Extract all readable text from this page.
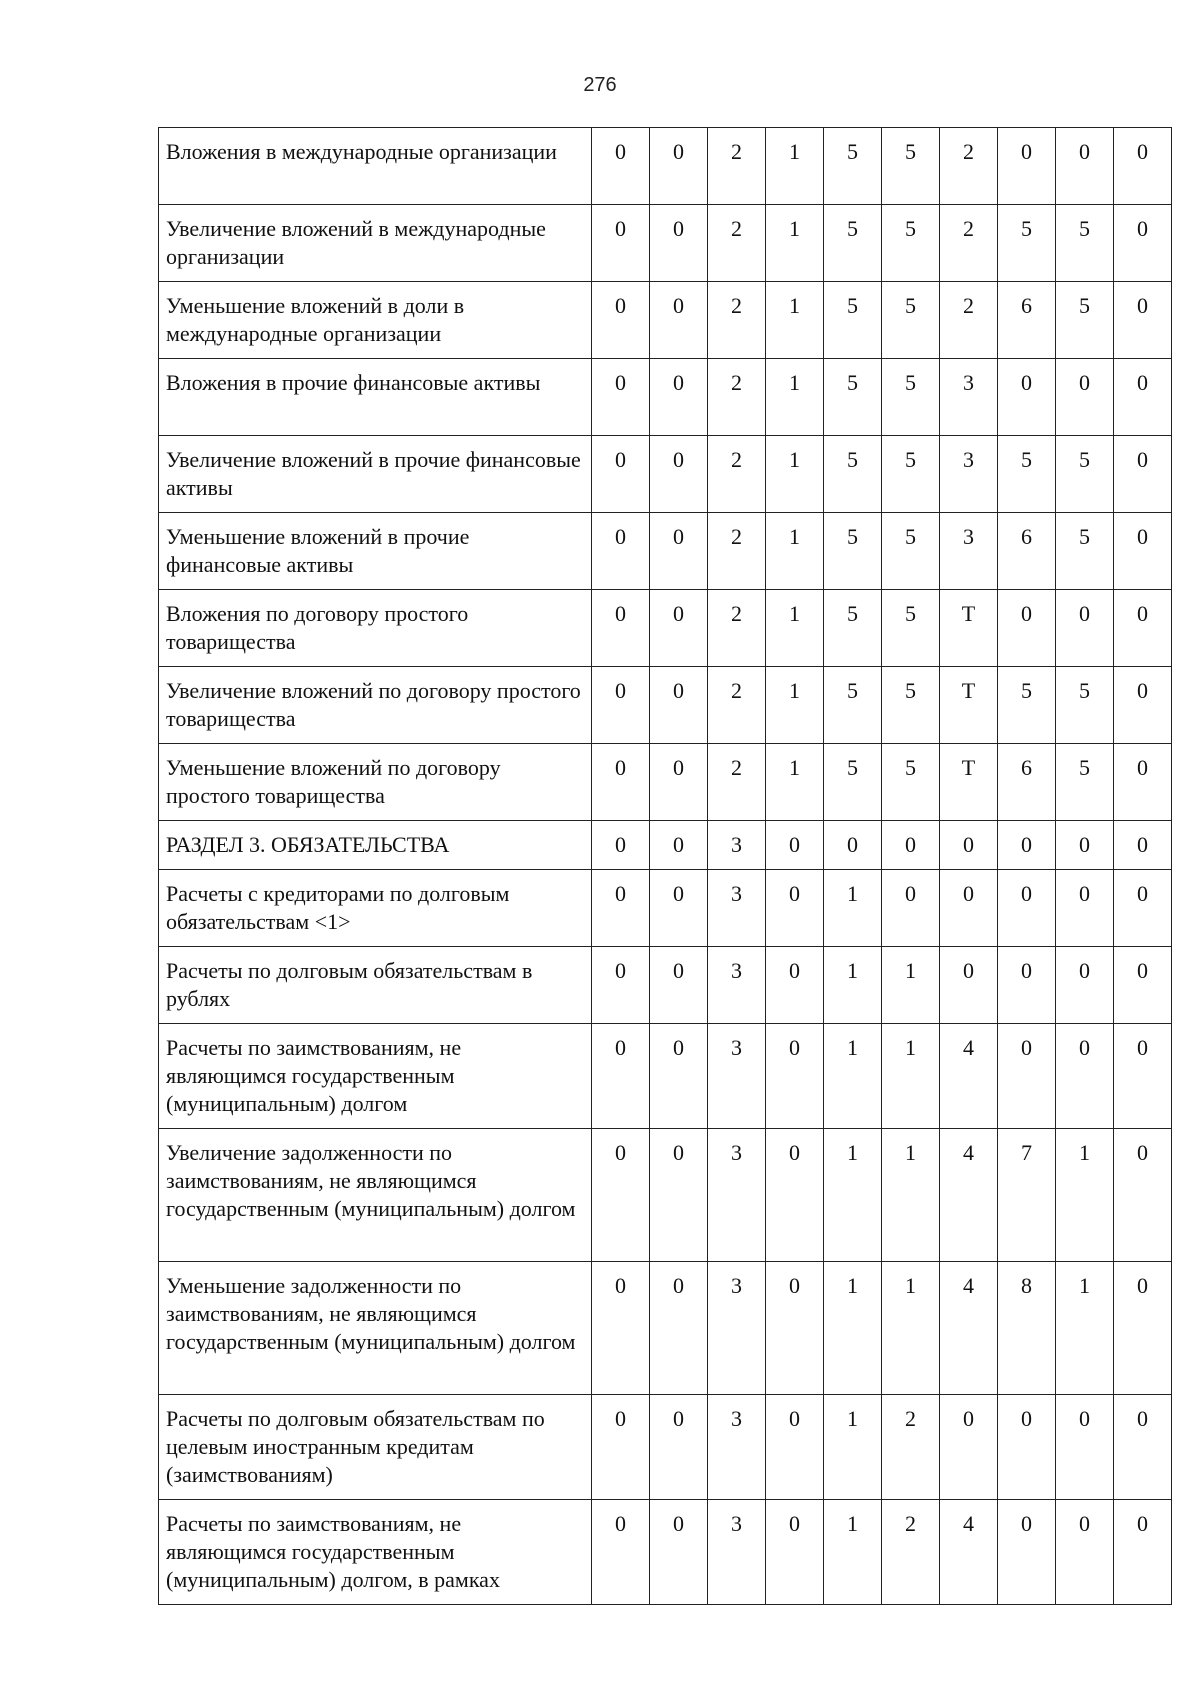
276
Вложения в международные организации	0	0	2	1	5	5	2	0	0	0
Увеличение вложений в международные организации	0	0	2	1	5	5	2	5	5	0
Уменьшение вложений в доли в международные организации	0	0	2	1	5	5	2	6	5	0
Вложения в прочие финансовые активы	0	0	2	1	5	5	3	0	0	0
Увеличение вложений в прочие финансовые активы	0	0	2	1	5	5	3	5	5	0
Уменьшение вложений в прочие финансовые активы	0	0	2	1	5	5	3	6	5	0
Вложения по договору простого товарищества	0	0	2	1	5	5	Т	0	0	0
Увеличение вложений по договору простого товарищества	0	0	2	1	5	5	Т	5	5	0
Уменьшение вложений по договору простого товарищества	0	0	2	1	5	5	Т	6	5	0
РАЗДЕЛ 3. ОБЯЗАТЕЛЬСТВА	0	0	3	0	0	0	0	0	0	0
Расчеты с кредиторами по долговым обязательствам <1>	0	0	3	0	1	0	0	0	0	0
Расчеты по долговым обязательствам в рублях	0	0	3	0	1	1	0	0	0	0
Расчеты по заимствованиям, не являющимся государственным (муниципальным) долгом	0	0	3	0	1	1	4	0	0	0
Увеличение задолженности по заимствованиям, не являющимся государственным (муниципальным) долгом	0	0	3	0	1	1	4	7	1	0
Уменьшение задолженности по заимствованиям, не являющимся государственным (муниципальным) долгом	0	0	3	0	1	1	4	8	1	0
Расчеты по долговым обязательствам по целевым иностранным кредитам (заимствованиям)	0	0	3	0	1	2	0	0	0	0
Расчеты по заимствованиям, не являющимся государственным (муниципальным) долгом, в рамках	0	0	3	0	1	2	4	0	0	0
